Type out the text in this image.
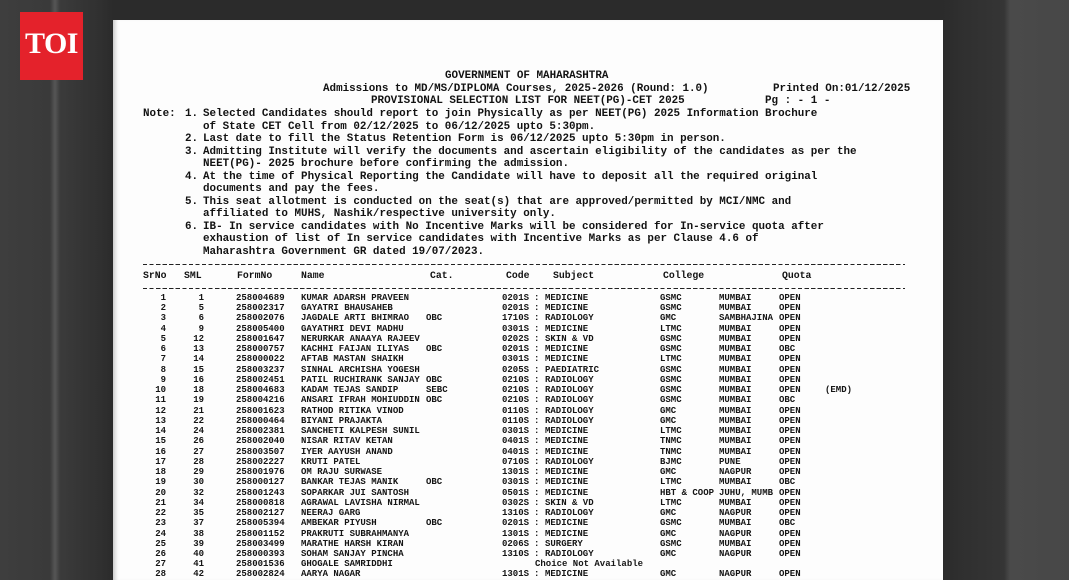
TOI
GOVERNMENT OF MAHARASHTRA
Admissions to MD/MS/DIPLOMA Courses, 2025-2026 (Round: 1.0)	Printed On:01/12/2025
PROVISIONAL SELECTION LIST FOR NEET(PG)-CET 2025	Pg : - 1 -
Note: 1. Selected Candidates should report to join Physically as per NEET(PG) 2025 Information Brochure
of State CET Cell from 02/12/2025 to 06/12/2025 upto 5:30pm.
2. Last date to fill the Status Retention Form is 06/12/2025 upto 5:30pm in person.
3. Admitting Institute will verify the documents and ascertain eligibility of the candidates as per the
NEET(PG)- 2025 brochure before confirming the admission.
4. At the time of Physical Reporting the Candidate will have to deposit all the required original
documents and pay the fees.
5. This seat allotment is conducted on the seat(s) that are approved/permitted by MCI/NMC and
affiliated to MUHS, Nashik/respective university only.
6. IB- In service candidates with No Incentive Marks will be considered for In-service quota after
exhaustion of list of In service candidates with Incentive Marks as per Clause 4.6 of
Maharashtra Government GR dated 19/07/2023.
SrNo SML	FormNo	Name	Cat.	Code Subject	College	Quota
1	1	258004689 KUMAR ADARSH PRAVEEN	0201S : MEDICINE	GSMC	MUMBAI	OPEN
2	5	258002317 GAYATRI BHAUSAHEB	0201S : MEDICINE	GSMC	MUMBAI	OPEN
3	6	258002076 JAGDALE ARTI BHIMRAO OBC	1710S : RADIOLOGY	GMC	SAMBHAJINA OPEN
4	9	258005400 GAYATHRI DEVI MADHU	0301S : MEDICINE	LTMC	MUMBAI	OPEN
5	12	258001647 NERURKAR ANAAYA RAJEEV	0202S : SKIN & VD	GSMC	MUMBAI	OPEN
6	13	258000757 KACHHI FAIJAN ILIYAS OBC	0201S : MEDICINE	GSMC	MUMBAI	OBC
7	14	258000022 AFTAB MASTAN SHAIKH	0301S : MEDICINE	LTMC	MUMBAI	OPEN
8	15	258003237 SINHAL ARCHISHA YOGESH	0205S : PAEDIATRIC	GSMC	MUMBAI	OPEN
9	16	258002451 PATIL RUCHIRANK SANJAY OBC	0210S : RADIOLOGY	GSMC	MUMBAI	OPEN
10	18	258004683 KADAM TEJAS SANDIP	SEBC	0210S : RADIOLOGY	GSMC	MUMBAI	OPEN	(EMD)
11	19	258004216 ANSARI IFRAH MOHIUDDIN OBC	0210S : RADIOLOGY	GSMC	MUMBAI	OBC
12	21	258001623 RATHOD RITIKA VINOD	0110S : RADIOLOGY	GMC	MUMBAI	OPEN
13	22	258000464 BIYANI PRAJAKTA	0110S : RADIOLOGY	GMC	MUMBAI	OPEN
14	24	258002381 SANCHETI KALPESH SUNIL	0301S : MEDICINE	LTMC	MUMBAI	OPEN
15	26	258002040 NISAR RITAV KETAN	0401S : MEDICINE	TNMC	MUMBAI	OPEN
16	27	258003507 IYER AAYUSH ANAND	0401S : MEDICINE	TNMC	MUMBAI	OPEN
17	28	258002227 KRUTI PATEL	0710S : RADIOLOGY	BJMC	PUNE	OPEN
18	29	258001976 OM RAJU SURWASE	1301S : MEDICINE	GMC	NAGPUR	OPEN
19	30	258000127 BANKAR TEJAS MANIK	OBC	0301S : MEDICINE	LTMC	MUMBAI	OBC
20	32	258001243 SOPARKAR JUI SANTOSH	0501S : MEDICINE	HBT & COOP JUHU, MUMB OPEN
21	34	258000818 AGRAWAL LAVISHA NIRMAL	0302S : SKIN & VD	LTMC	MUMBAI	OPEN
22	35	258002127 NEERAJ GARG	1310S : RADIOLOGY	GMC	NAGPUR	OPEN
23	37	258005394 AMBEKAR PIYUSH	OBC	0201S : MEDICINE	GSMC	MUMBAI	OBC
24	38	258001152 PRAKRUTI SUBRAHMANYA	1301S : MEDICINE	GMC	NAGPUR	OPEN
25	39	258003499 MARATHE HARSH KIRAN	0206S : SURGERY	GSMC	MUMBAI	OPEN
26	40	258000393 SOHAM SANJAY PINCHA	1310S : RADIOLOGY	GMC	NAGPUR	OPEN
27	41	258001536 GHOGALE SAMRIDDHI	Choice Not Available
28	42	258002824 AARYA NAGAR	1301S : MEDICINE	GMC	NAGPUR	OPEN
